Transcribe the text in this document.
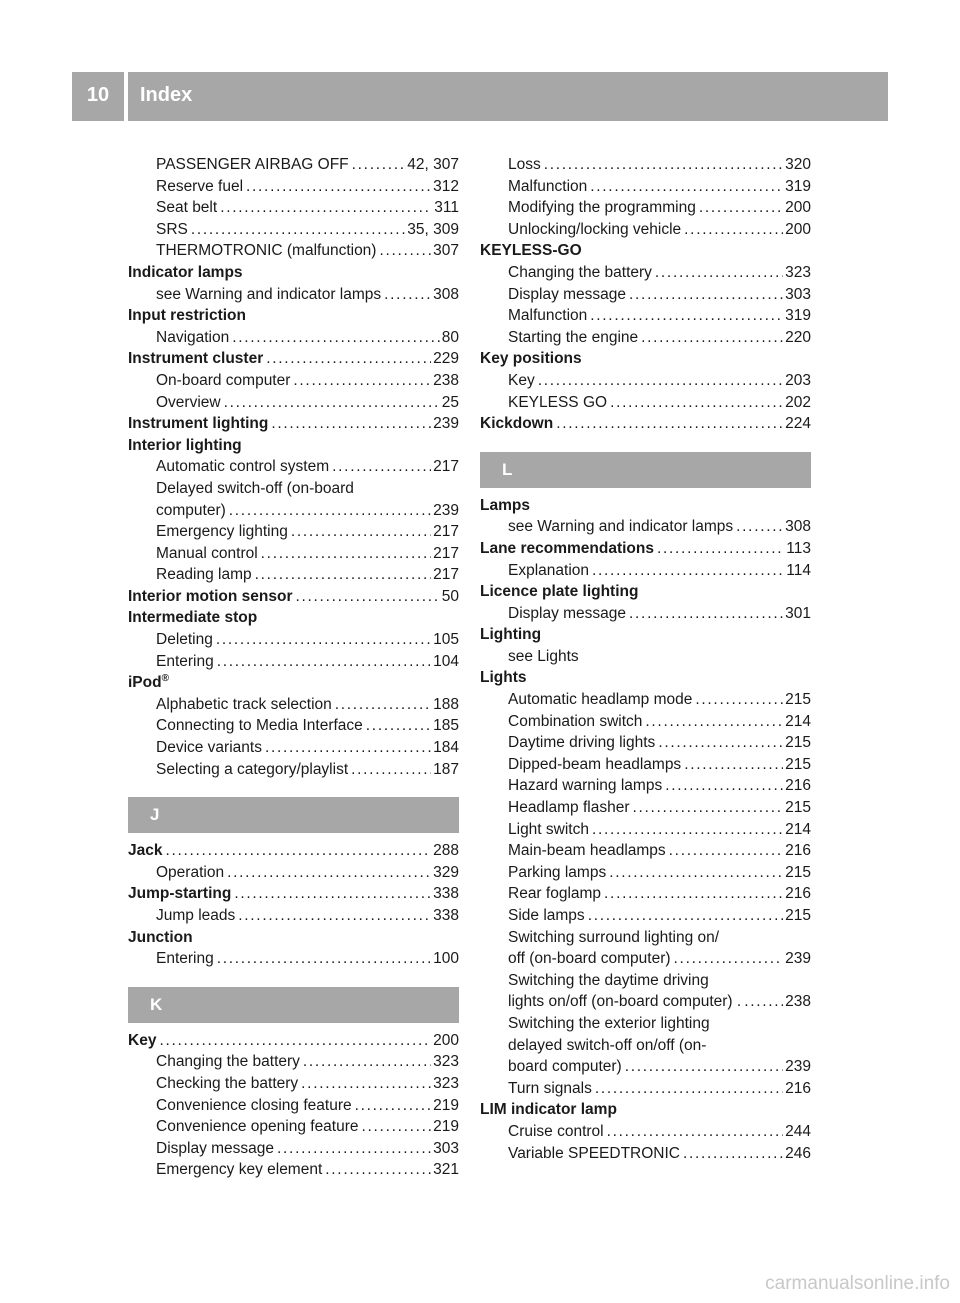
10	Index
PASSENGER AIRBAG OFF . . .	42, 307
Reserve fuel . . .	312
Seat belt . . .	311
SRS . . .	35, 309
THERMOTRONIC (malfunction) . . .	307
Indicator lamps
see Warning and indicator lamps . . .	308
Input restriction
Navigation . . .	80
Instrument cluster . . .	229
On-board computer . . .	238
Overview . . .	25
Instrument lighting . . .	239
Interior lighting
Automatic control system . . .	217
Delayed switch-off (on-board
computer) . . .	239
Emergency lighting . . .	217
Manual control . . .	217
Reading lamp . . .	217
Interior motion sensor . . .	50
Intermediate stop
Deleting . . .	105
Entering . . .	104
iPod®
Alphabetic track selection . . .	188
Connecting to Media Interface . . .	185
Device variants . . .	184
Selecting a category/playlist . . .	187
J
Jack . . .	288
Operation . . .	329
Jump-starting . . .	338
Jump leads . . .	338
Junction
Entering . . .	100
K
Key . . .	200
Changing the battery . . .	323
Checking the battery . . .	323
Convenience closing feature . . .	219
Convenience opening feature . . .	219
Display message . . .	303
Emergency key element . . .	321
Loss . . .	320
Malfunction . . .	319
Modifying the programming . . .	200
Unlocking/locking vehicle . . .	200
KEYLESS-GO
Changing the battery . . .	323
Display message . . .	303
Malfunction . . .	319
Starting the engine . . .	220
Key positions
Key . . .	203
KEYLESS GO . . .	202
Kickdown . . .	224
L
Lamps
see Warning and indicator lamps . . .	308
Lane recommendations . . .	113
Explanation . . .	114
Licence plate lighting
Display message . . .	301
Lighting
see Lights
Lights
Automatic headlamp mode . . .	215
Combination switch . . .	214
Daytime driving lights . . .	215
Dipped-beam headlamps . . .	215
Hazard warning lamps . . .	216
Headlamp flasher . . .	215
Light switch . . .	214
Main-beam headlamps . . .	216
Parking lamps . . .	215
Rear foglamp . . .	216
Side lamps . . .	215
Switching surround lighting on/
off (on-board computer) . . .	239
Switching the daytime driving
lights on/off (on-board computer) . . . .	238
Switching the exterior lighting
delayed switch-off on/off (on-
board computer) . . .	239
Turn signals . . .	216
LIM indicator lamp
Cruise control . . .	244
Variable SPEEDTRONIC . . .	246
carmanualsonline.info
